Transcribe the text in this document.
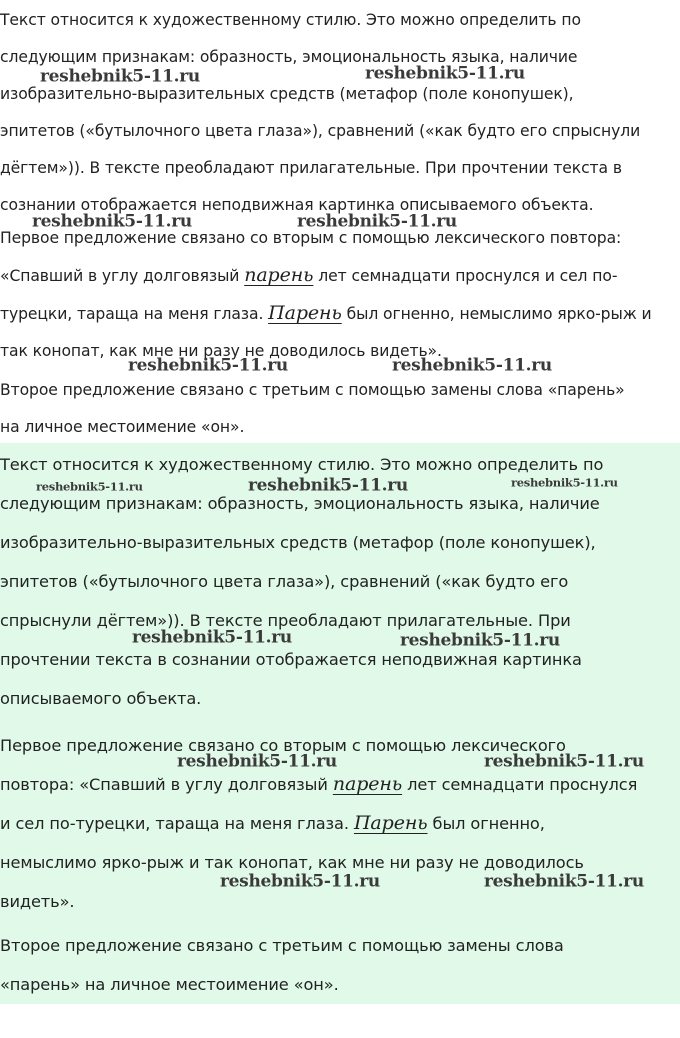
Текст относится к художественному стилю. Это можно определить по
следующим признакам: образность, эмоциональность языка, наличие
изобразительно-выразительных средств (метафор (поле конопушек),
эпитетов («бутылочного цвета глаза»), сравнений («как будто его спрыснули
дёгтем»)). В тексте преобладают прилагательные. При прочтении текста в
сознании отображается неподвижная картинка описываемого объекта.

Первое предложение связано со вторым с помощью лексического повтора:
«Спавший в углу долговязый парень лет семнадцати проснулся и сел по-
турецки, тараща на меня глаза. Парень был огненно, немыслимо ярко-рыж и
так конопат, как мне ни разу не доводилось видеть».

Второе предложение связано с третьим с помощью замены слова «парень»
на личное местоимение «он».

Текст относится к художественному стилю. Это можно определить по
следующим признакам: образность, эмоциональность языка, наличие
изобразительно-выразительных средств (метафор (поле конопушек),
эпитетов («бутылочного цвета глаза»), сравнений («как будто его
спрыснули дёгтем»)). В тексте преобладают прилагательные. При
прочтении текста в сознании отображается неподвижная картинка
описываемого объекта.

Первое предложение связано со вторым с помощью лексического
повтора: «Спавший в углу долговязый парень лет семнадцати проснулся
и сел по-турецки, тараща на меня глаза. Парень был огненно,
немыслимо ярко-рыж и так конопат, как мне ни разу не доводилось
видеть».

Второе предложение связано с третьим с помощью замены слова
«парень» на личное местоимение «он».

reshebnik5-11.ru	reshebnik5-11.ru
reshebnik5-11.ru	reshebnik5-11.ru
reshebnik5-11.ru	reshebnik5-11.ru
reshebnik5-11.ru	reshebnik5-11.ru	reshebnik5-11.ru
reshebnik5-11.ru	reshebnik5-11.ru
reshebnik5-11.ru	reshebnik5-11.ru
reshebnik5-11.ru	reshebnik5-11.ru
